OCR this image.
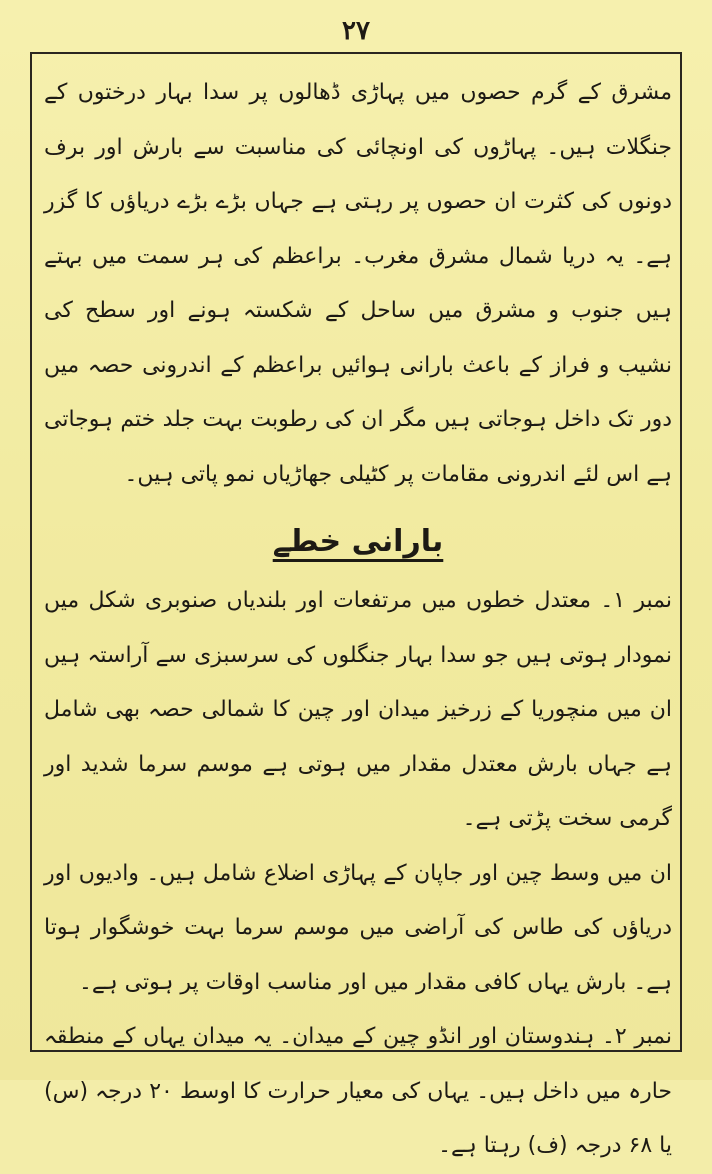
۲۷

مشرق کے گرم حصوں میں پہاڑی ڈھالوں پر سدا بہار درختوں کے جنگلات ہیں۔ پہاڑوں کی اونچائی کی مناسبت سے بارش اور برف دونوں کی کثرت ان حصوں پر رہتی ہے جہاں بڑے بڑے دریاؤں کا گزر ہے۔ یہ دریا شمال مشرق مغرب۔ براعظم کی ہر سمت میں بہتے ہیں جنوب و مشرق میں ساحل کے شکستہ ہونے اور سطح کی نشیب و فراز کے باعث بارانی ہوائیں براعظم کے اندرونی حصہ میں دور تک داخل ہوجاتی ہیں مگر ان کی رطوبت بہت جلد ختم ہوجاتی ہے اس لئے اندرونی مقامات پر کٹیلی جھاڑیاں نمو پاتی ہیں۔

بارانی خطے

نمبر ۱۔ معتدل خطوں میں مرتفعات اور بلندیاں صنوبری شکل میں نمودار ہوتی ہیں جو سدا بہار جنگلوں کی سرسبزی سے آراستہ ہیں ان میں منچوریا کے زرخیز میدان اور چین کا شمالی حصہ بھی شامل ہے جہاں بارش معتدل مقدار میں ہوتی ہے موسم سرما شدید اور گرمی سخت پڑتی ہے۔

ان میں وسط چین اور جاپان کے پہاڑی اضلاع شامل ہیں۔ وادیوں اور دریاؤں کی طاس کی آراضی میں موسم سرما بہت خوشگوار ہوتا ہے۔ بارش یہاں کافی مقدار میں اور مناسب اوقات پر ہوتی ہے۔

نمبر ۲۔ ہندوستان اور انڈو چین کے میدان۔ یہ میدان یہاں کے منطقہ حارہ میں داخل ہیں۔ یہاں کی معیار حرارت کا اوسط ۲۰ درجہ (س) یا ۶۸ درجہ (ف) رہتا ہے۔
